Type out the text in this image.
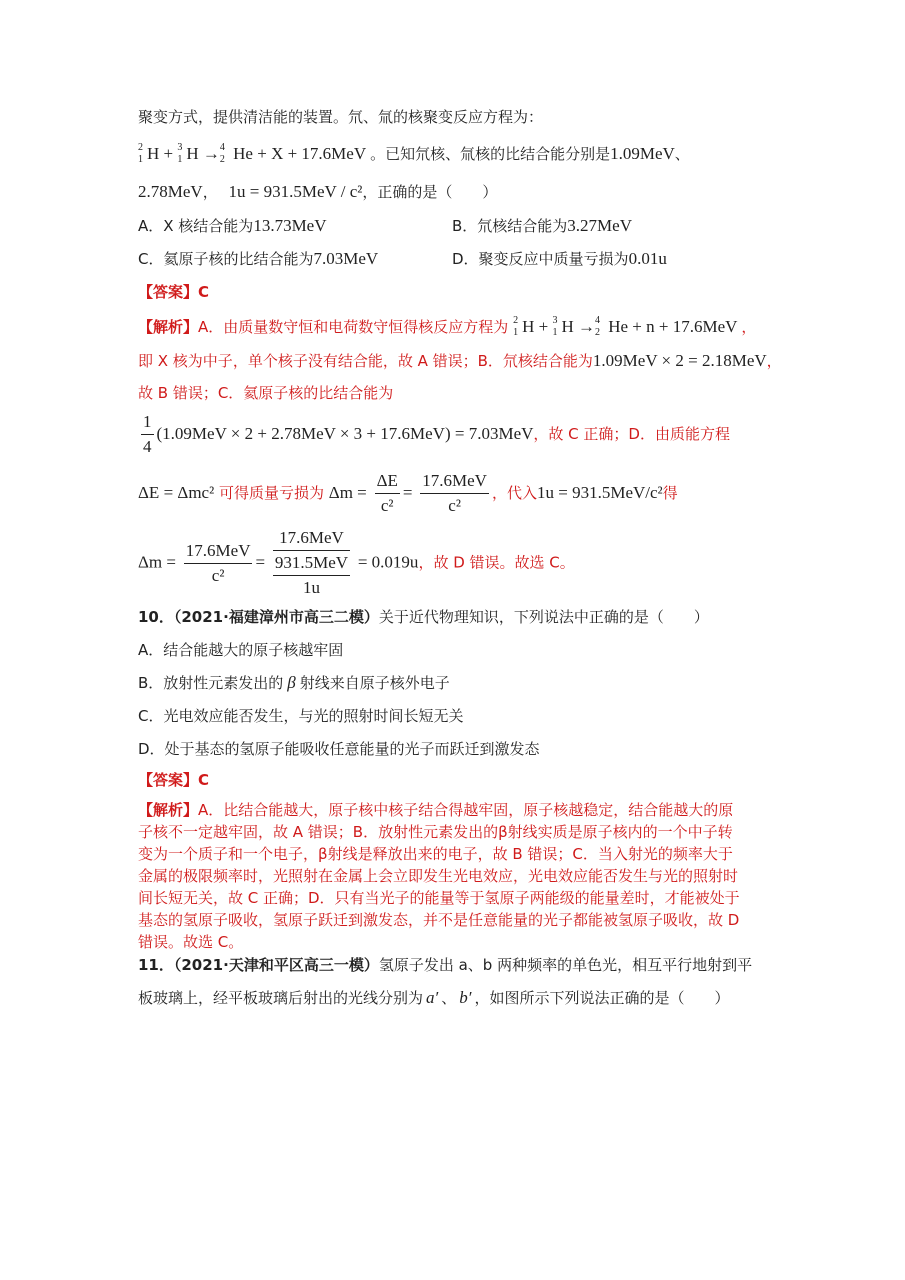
聚变方式，提供清洁能的装置。氘、氚的核聚变反应方程为：
2
1 H + 3
1 H → 4
2 He + X + 17.6MeV 。已知氘核、氚核的比结合能分别是1.09MeV、
2.78MeV， 1u = 931.5MeV / c²，正确的是（　　）
A．X 核结合能为13.73MeV	B．氘核结合能为3.27MeV
C．氦原子核的比结合能为7.03MeV	D．聚变反应中质量亏损为0.01u
【答案】C
【解析】A．由质量数守恒和电荷数守恒得核反应方程为 2
1 H + 3
1 H → 4
2 He + n + 17.6MeV ，
即 X 核为中子，单个核子没有结合能，故 A 错误；B．氘核结合能为1.09MeV × 2 = 2.18MeV，
故 B 错误；C．氦原子核的比结合能为
$\frac{1}{4} (1.09MeV \times 2 + 2.78MeV \times 3 + 17.6MeV) = 7.03MeV$，故 C 正确；D．由质能方程
ΔE = Δmc² 可得质量亏损为 $\Delta m = \frac{\Delta E}{\text{c²}} = \frac{\text{17.6MeV}}{\text{c²}}$ ，代入1u = 931.5MeV/c²得
$\Delta m = \frac{\text{17.6MeV}}{\text{c²}} = \frac{\text{17.6MeV}}{\frac{\text{931.5MeV}}{1u}} = 0.019u$，故 D 错误。故选 C。
10．（2021·福建漳州市高三二模）关于近代物理知识，下列说法中正确的是（　　）
A．结合能越大的原子核越牢固
B．放射性元素发出的 β 射线来自原子核外电子
C．光电效应能否发生，与光的照射时间长短无关
D．处于基态的氢原子能吸收任意能量的光子而跃迁到激发态
【答案】C
【解析】A．比结合能越大，原子核中核子结合得越牢固，原子核越稳定，结合能越大的原
子核不一定越牢固，故 A 错误；B．放射性元素发出的β射线实质是原子核内的一个中子转
变为一个质子和一个电子，β射线是释放出来的电子，故 B 错误；C．当入射光的频率大于
金属的极限频率时，光照射在金属上会立即发生光电效应，光电效应能否发生与光的照射时
间长短无关，故 C 正确；D．只有当光子的能量等于氢原子两能级的能量差时，才能被处于
基态的氢原子吸收，氢原子跃迁到激发态，并不是任意能量的光子都能被氢原子吸收，故 D
错误。故选 C。
11．（2021·天津和平区高三一模）氢原子发出 a、b 两种频率的单色光，相互平行地射到平
板玻璃上，经平板玻璃后射出的光线分别为 a′ 、 b′ ，如图所示下列说法正确的是（　　）
